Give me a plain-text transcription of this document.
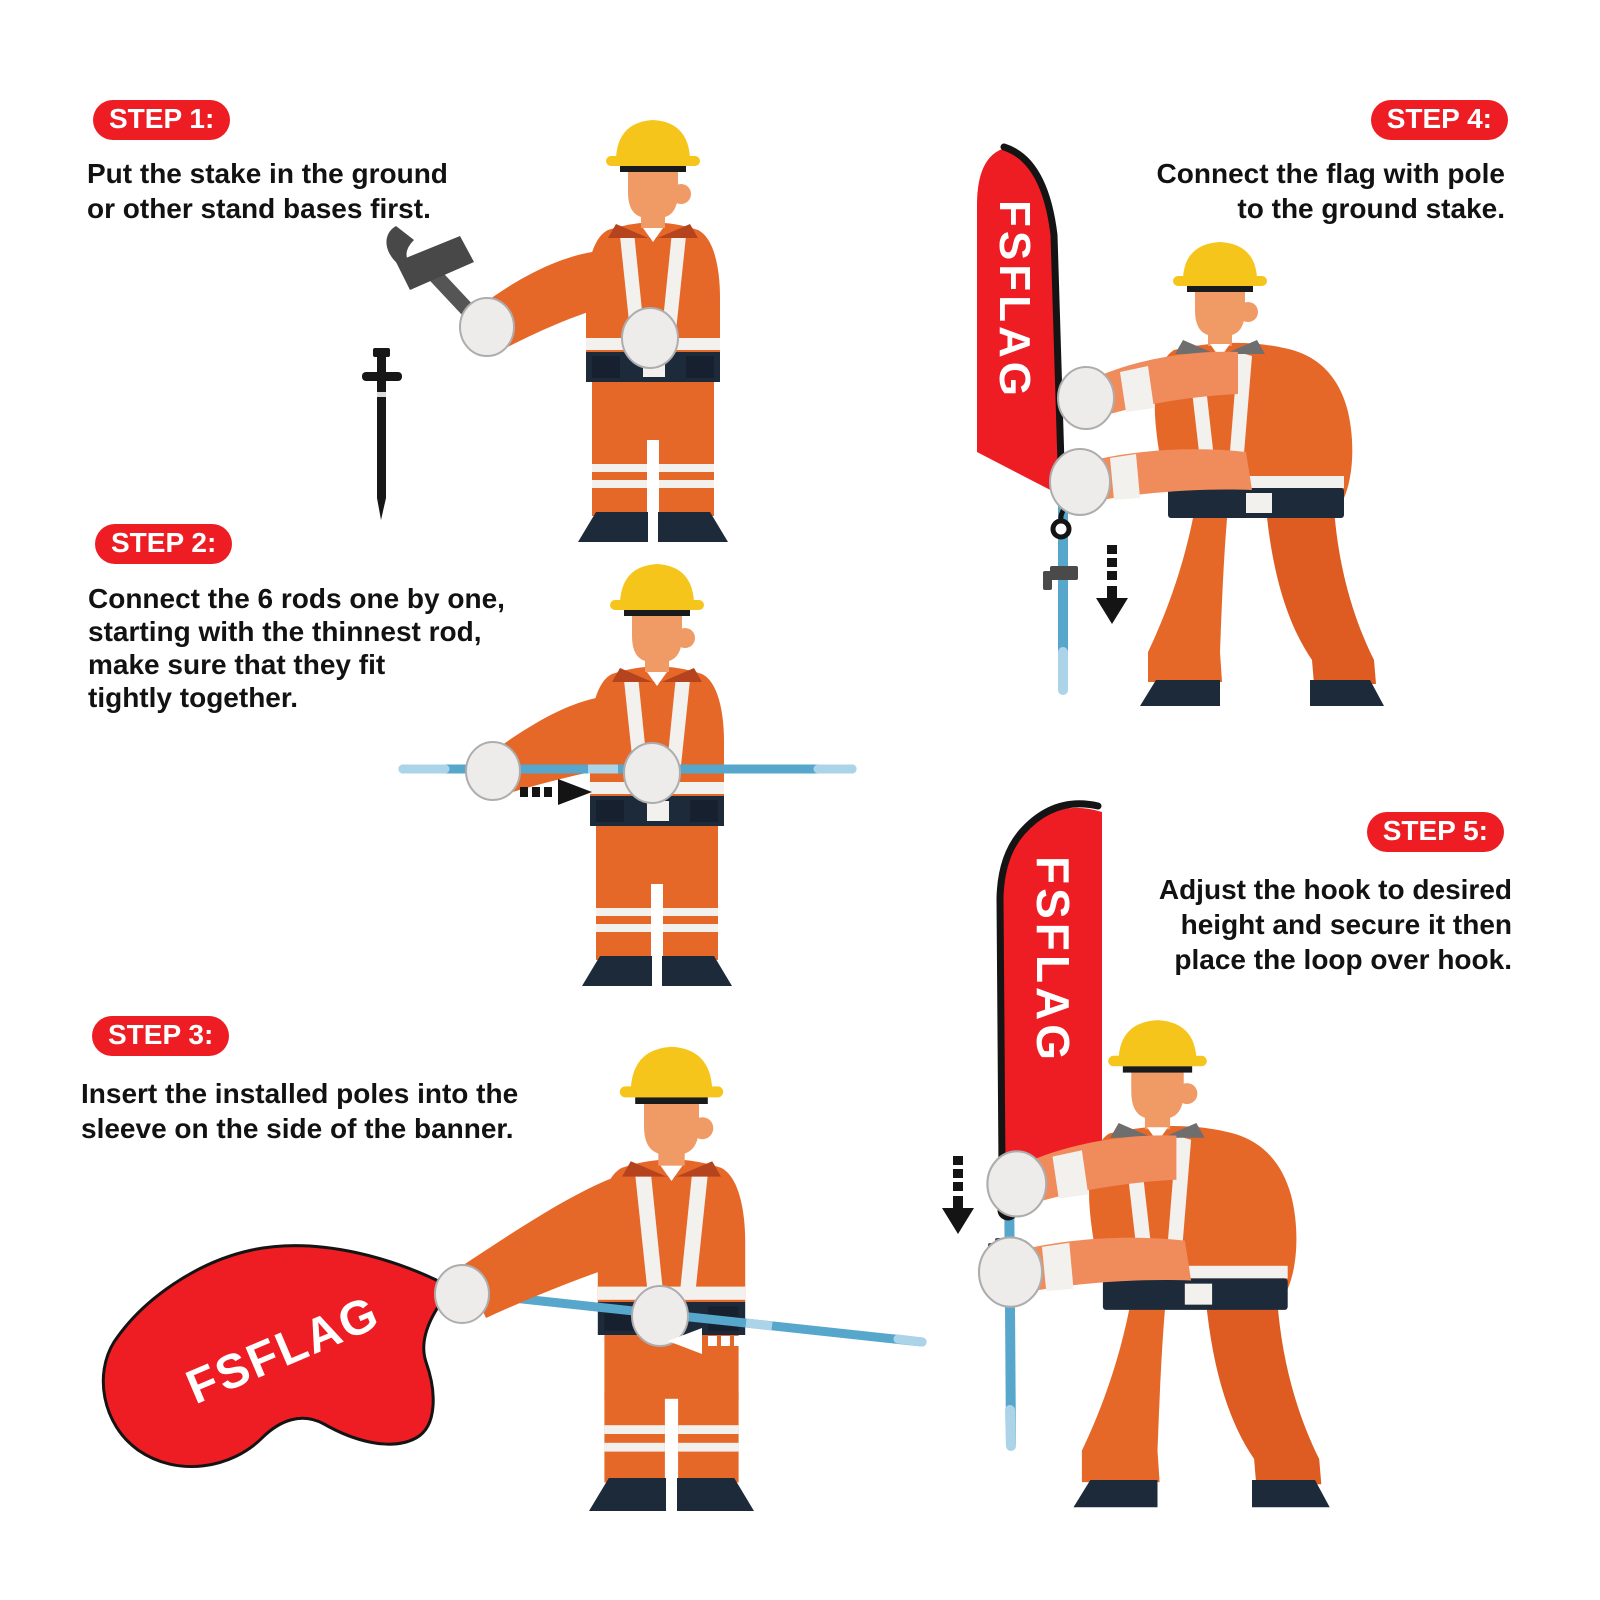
FSFLAG
FSFLAG
FSFLAG
STEP 1:
Put the stake in the ground
or other stand bases first.
STEP 2:
Connect the 6 rods one by one,
starting with the thinnest rod,
make sure that they fit
tightly together.
STEP 3:
Insert the installed poles into the
sleeve on the side of the banner.
STEP 4:
Connect the flag with pole
to the ground stake.
STEP 5:
Adjust the hook to desired
height and secure it then
place the loop over hook.
